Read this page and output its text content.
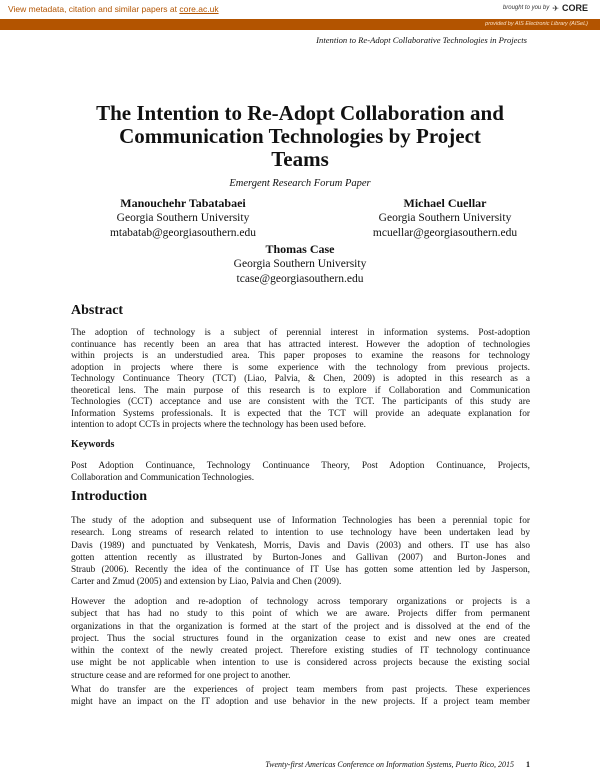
View metadata, citation and similar papers at core.ac.uk	brought to you by ✈ CORE
provided by AIS Electronic Library (AISeL)
Intention to Re-Adopt Collaborative Technologies in Projects
The Intention to Re-Adopt Collaboration and
Communication Technologies by Project
Teams
Emergent Research Forum Paper
Manouchehr Tabatabaei
Georgia Southern University
mtabatab@georgiasouthern.edu
Michael Cuellar
Georgia Southern University
mcuellar@georgiasouthern.edu
Thomas Case
Georgia Southern University
tcase@georgiasouthern.edu
Abstract
The adoption of technology is a subject of perennial interest in information systems. Post-adoption
continuance has recently been an area that has attracted interest. However the adoption of technologies
within projects is an understudied area. This paper proposes to examine the reasons for technology
adoption in projects where there is some experience with the technology from previous projects.
Technology Continuance Theory (TCT) (Liao, Palvia, & Chen, 2009) is adopted in this research as a
theoretical lens. The main purpose of this research is to explore if Collaboration and Communication
Technologies (CCT) acceptance and use are consistent with the TCT. The participants of this study are
Information Systems professionals. It is expected that the TCT will provide an adequate explanation for
intention to adopt CCTs in projects where the technology has been used before.
Keywords
Post Adoption Continuance, Technology Continuance Theory, Post Adoption Continuance, Projects,
Collaboration and Communication Technologies.
Introduction
The study of the adoption and subsequent use of Information Technologies has been a perennial topic for
research. Long streams of research related to intention to use technology have been undertaken lead by
Davis (1989) and punctuated by Venkatesh, Morris, Davis and Davis (2003) and others. IT use has also
gotten attention recently as illustrated by Burton-Jones and Gallivan (2007) and Burton-Jones and
Straub (2006). Recently the idea of the continuance of IT Use has gotten some attention led by Jasperson,
Carter and Zmud (2005) and extension by Liao, Palvia and Chen (2009).
However the adoption and re-adoption of technology across temporary organizations or projects is a
subject that has had no study to this point of which we are aware. Projects differ from permanent
organizations in that the organization is formed at the start of the project and is dissolved at the end of the
project. Thus the social structures found in the organization cease to exist and new ones are created
within the context of the newly created project. Therefore existing studies of IT technology continuance
use might be not applicable when intention to use is considered across projects because the existing social
structure cease and are reformed for one project to another.
What do transfer are the experiences of project team members from past projects. These experiences
might have an impact on the IT adoption and use behavior in the new projects. If a project team member
Twenty-first Americas Conference on Information Systems, Puerto Rico, 2015 1
